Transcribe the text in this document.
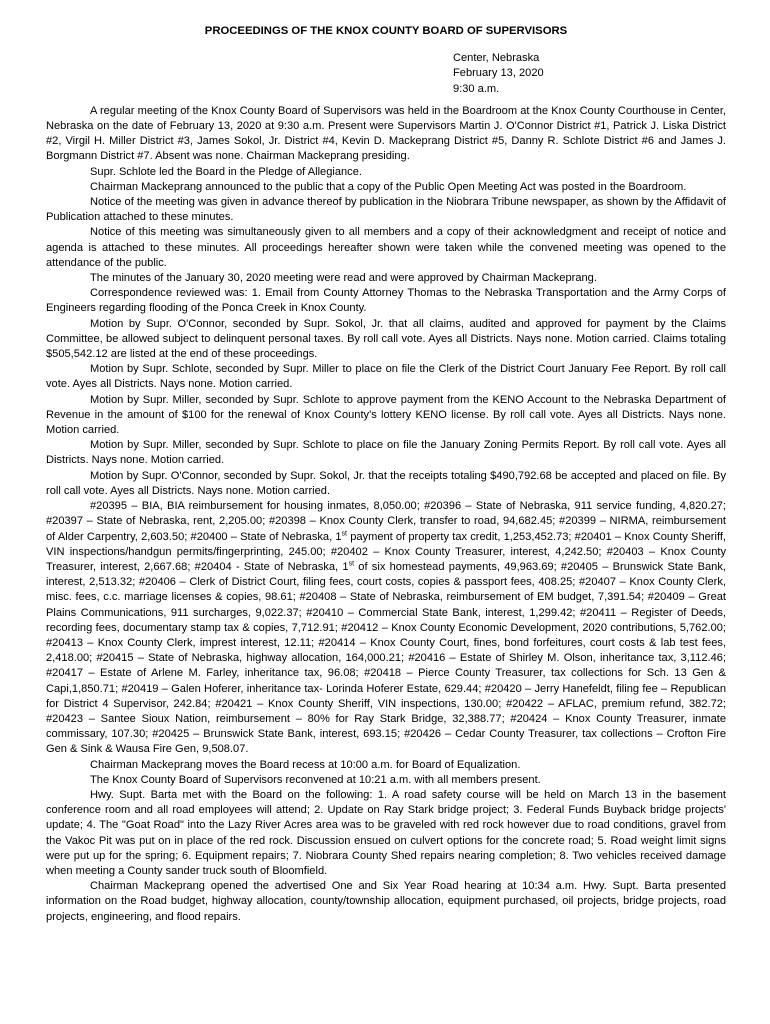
PROCEEDINGS OF THE KNOX COUNTY BOARD OF SUPERVISORS
Center, Nebraska
February 13, 2020
9:30 a.m.

A regular meeting of the Knox County Board of Supervisors was held in the Boardroom at the Knox County Courthouse in Center, Nebraska on the date of February 13, 2020 at 9:30 a.m. Present were Supervisors Martin J. O'Connor District #1, Patrick J. Liska District #2, Virgil H. Miller District #3, James Sokol, Jr. District #4, Kevin D. Mackeprang District #5, Danny R. Schlote District #6 and James J. Borgmann District #7. Absent was none. Chairman Mackeprang presiding.

Supr. Schlote led the Board in the Pledge of Allegiance.

Chairman Mackeprang announced to the public that a copy of the Public Open Meeting Act was posted in the Boardroom.

Notice of the meeting was given in advance thereof by publication in the Niobrara Tribune newspaper, as shown by the Affidavit of Publication attached to these minutes.

Notice of this meeting was simultaneously given to all members and a copy of their acknowledgment and receipt of notice and agenda is attached to these minutes. All proceedings hereafter shown were taken while the convened meeting was opened to the attendance of the public.

The minutes of the January 30, 2020 meeting were read and were approved by Chairman Mackeprang.

Correspondence reviewed was: 1. Email from County Attorney Thomas to the Nebraska Transportation and the Army Corps of Engineers regarding flooding of the Ponca Creek in Knox County.

Motion by Supr. O'Connor, seconded by Supr. Sokol, Jr. that all claims, audited and approved for payment by the Claims Committee, be allowed subject to delinquent personal taxes. By roll call vote. Ayes all Districts. Nays none. Motion carried. Claims totaling $505,542.12 are listed at the end of these proceedings.

Motion by Supr. Schlote, seconded by Supr. Miller to place on file the Clerk of the District Court January Fee Report. By roll call vote. Ayes all Districts. Nays none. Motion carried.

Motion by Supr. Miller, seconded by Supr. Schlote to approve payment from the KENO Account to the Nebraska Department of Revenue in the amount of $100 for the renewal of Knox County's lottery KENO license. By roll call vote. Ayes all Districts. Nays none. Motion carried.

Motion by Supr. Miller, seconded by Supr. Schlote to place on file the January Zoning Permits Report. By roll call vote. Ayes all Districts. Nays none. Motion carried.

Motion by Supr. O'Connor, seconded by Supr. Sokol, Jr. that the receipts totaling $490,792.68 be accepted and placed on file. By roll call vote. Ayes all Districts. Nays none. Motion carried.

#20395 – BIA, BIA reimbursement for housing inmates, 8,050.00; #20396 – State of Nebraska, 911 service funding, 4,820.27; #20397 – State of Nebraska, rent, 2,205.00; #20398 – Knox County Clerk, transfer to road, 94,682.45; #20399 – NIRMA, reimbursement of Alder Carpentry, 2,603.50; #20400 – State of Nebraska, 1st payment of property tax credit, 1,253,452.73; #20401 – Knox County Sheriff, VIN inspections/handgun permits/fingerprinting, 245.00; #20402 – Knox County Treasurer, interest, 4,242.50; #20403 – Knox County Treasurer, interest, 2,667.68; #20404 - State of Nebraska, 1st of six homestead payments, 49,963.69; #20405 – Brunswick State Bank, interest, 2,513.32; #20406 – Clerk of District Court, filing fees, court costs, copies & passport fees, 408.25; #20407 – Knox County Clerk, misc. fees, c.c. marriage licenses & copies, 98.61; #20408 – State of Nebraska, reimbursement of EM budget, 7,391.54; #20409 – Great Plains Communications, 911 surcharges, 9,022.37; #20410 – Commercial State Bank, interest, 1,299.42; #20411 – Register of Deeds, recording fees, documentary stamp tax & copies, 7,712.91; #20412 – Knox County Economic Development, 2020 contributions, 5,762.00; #20413 – Knox County Clerk, imprest interest, 12.11; #20414 – Knox County Court, fines, bond forfeitures, court costs & lab test fees, 2,418.00; #20415 – State of Nebraska, highway allocation, 164,000.21; #20416 – Estate of Shirley M. Olson, inheritance tax, 3,112.46; #20417 – Estate of Arlene M. Farley, inheritance tax, 96.08; #20418 – Pierce County Treasurer, tax collections for Sch. 13 Gen & Capi,1,850.71; #20419 – Galen Hoferer, inheritance tax- Lorinda Hoferer Estate, 629.44; #20420 – Jerry Hanefeldt, filing fee – Republican for District 4 Supervisor, 242.84; #20421 – Knox County Sheriff, VIN inspections, 130.00; #20422 – AFLAC, premium refund, 382.72; #20423 – Santee Sioux Nation, reimbursement – 80% for Ray Stark Bridge, 32,388.77; #20424 – Knox County Treasurer, inmate commissary, 107.30; #20425 – Brunswick State Bank, interest, 693.15; #20426 – Cedar County Treasurer, tax collections – Crofton Fire Gen & Sink & Wausa Fire Gen, 9,508.07.

Chairman Mackeprang moves the Board recess at 10:00 a.m. for Board of Equalization.

The Knox County Board of Supervisors reconvened at 10:21 a.m. with all members present.

Hwy. Supt. Barta met with the Board on the following: 1. A road safety course will be held on March 13 in the basement conference room and all road employees will attend; 2. Update on Ray Stark bridge project; 3. Federal Funds Buyback bridge projects' update; 4. The "Goat Road" into the Lazy River Acres area was to be graveled with red rock however due to road conditions, gravel from the Vakoc Pit was put on in place of the red rock. Discussion ensued on culvert options for the concrete road; 5. Road weight limit signs were put up for the spring; 6. Equipment repairs; 7. Niobrara County Shed repairs nearing completion; 8. Two vehicles received damage when meeting a County sander truck south of Bloomfield.

Chairman Mackeprang opened the advertised One and Six Year Road hearing at 10:34 a.m. Hwy. Supt. Barta presented information on the Road budget, highway allocation, county/township allocation, equipment purchased, oil projects, bridge projects, road projects, engineering, and flood repairs.
